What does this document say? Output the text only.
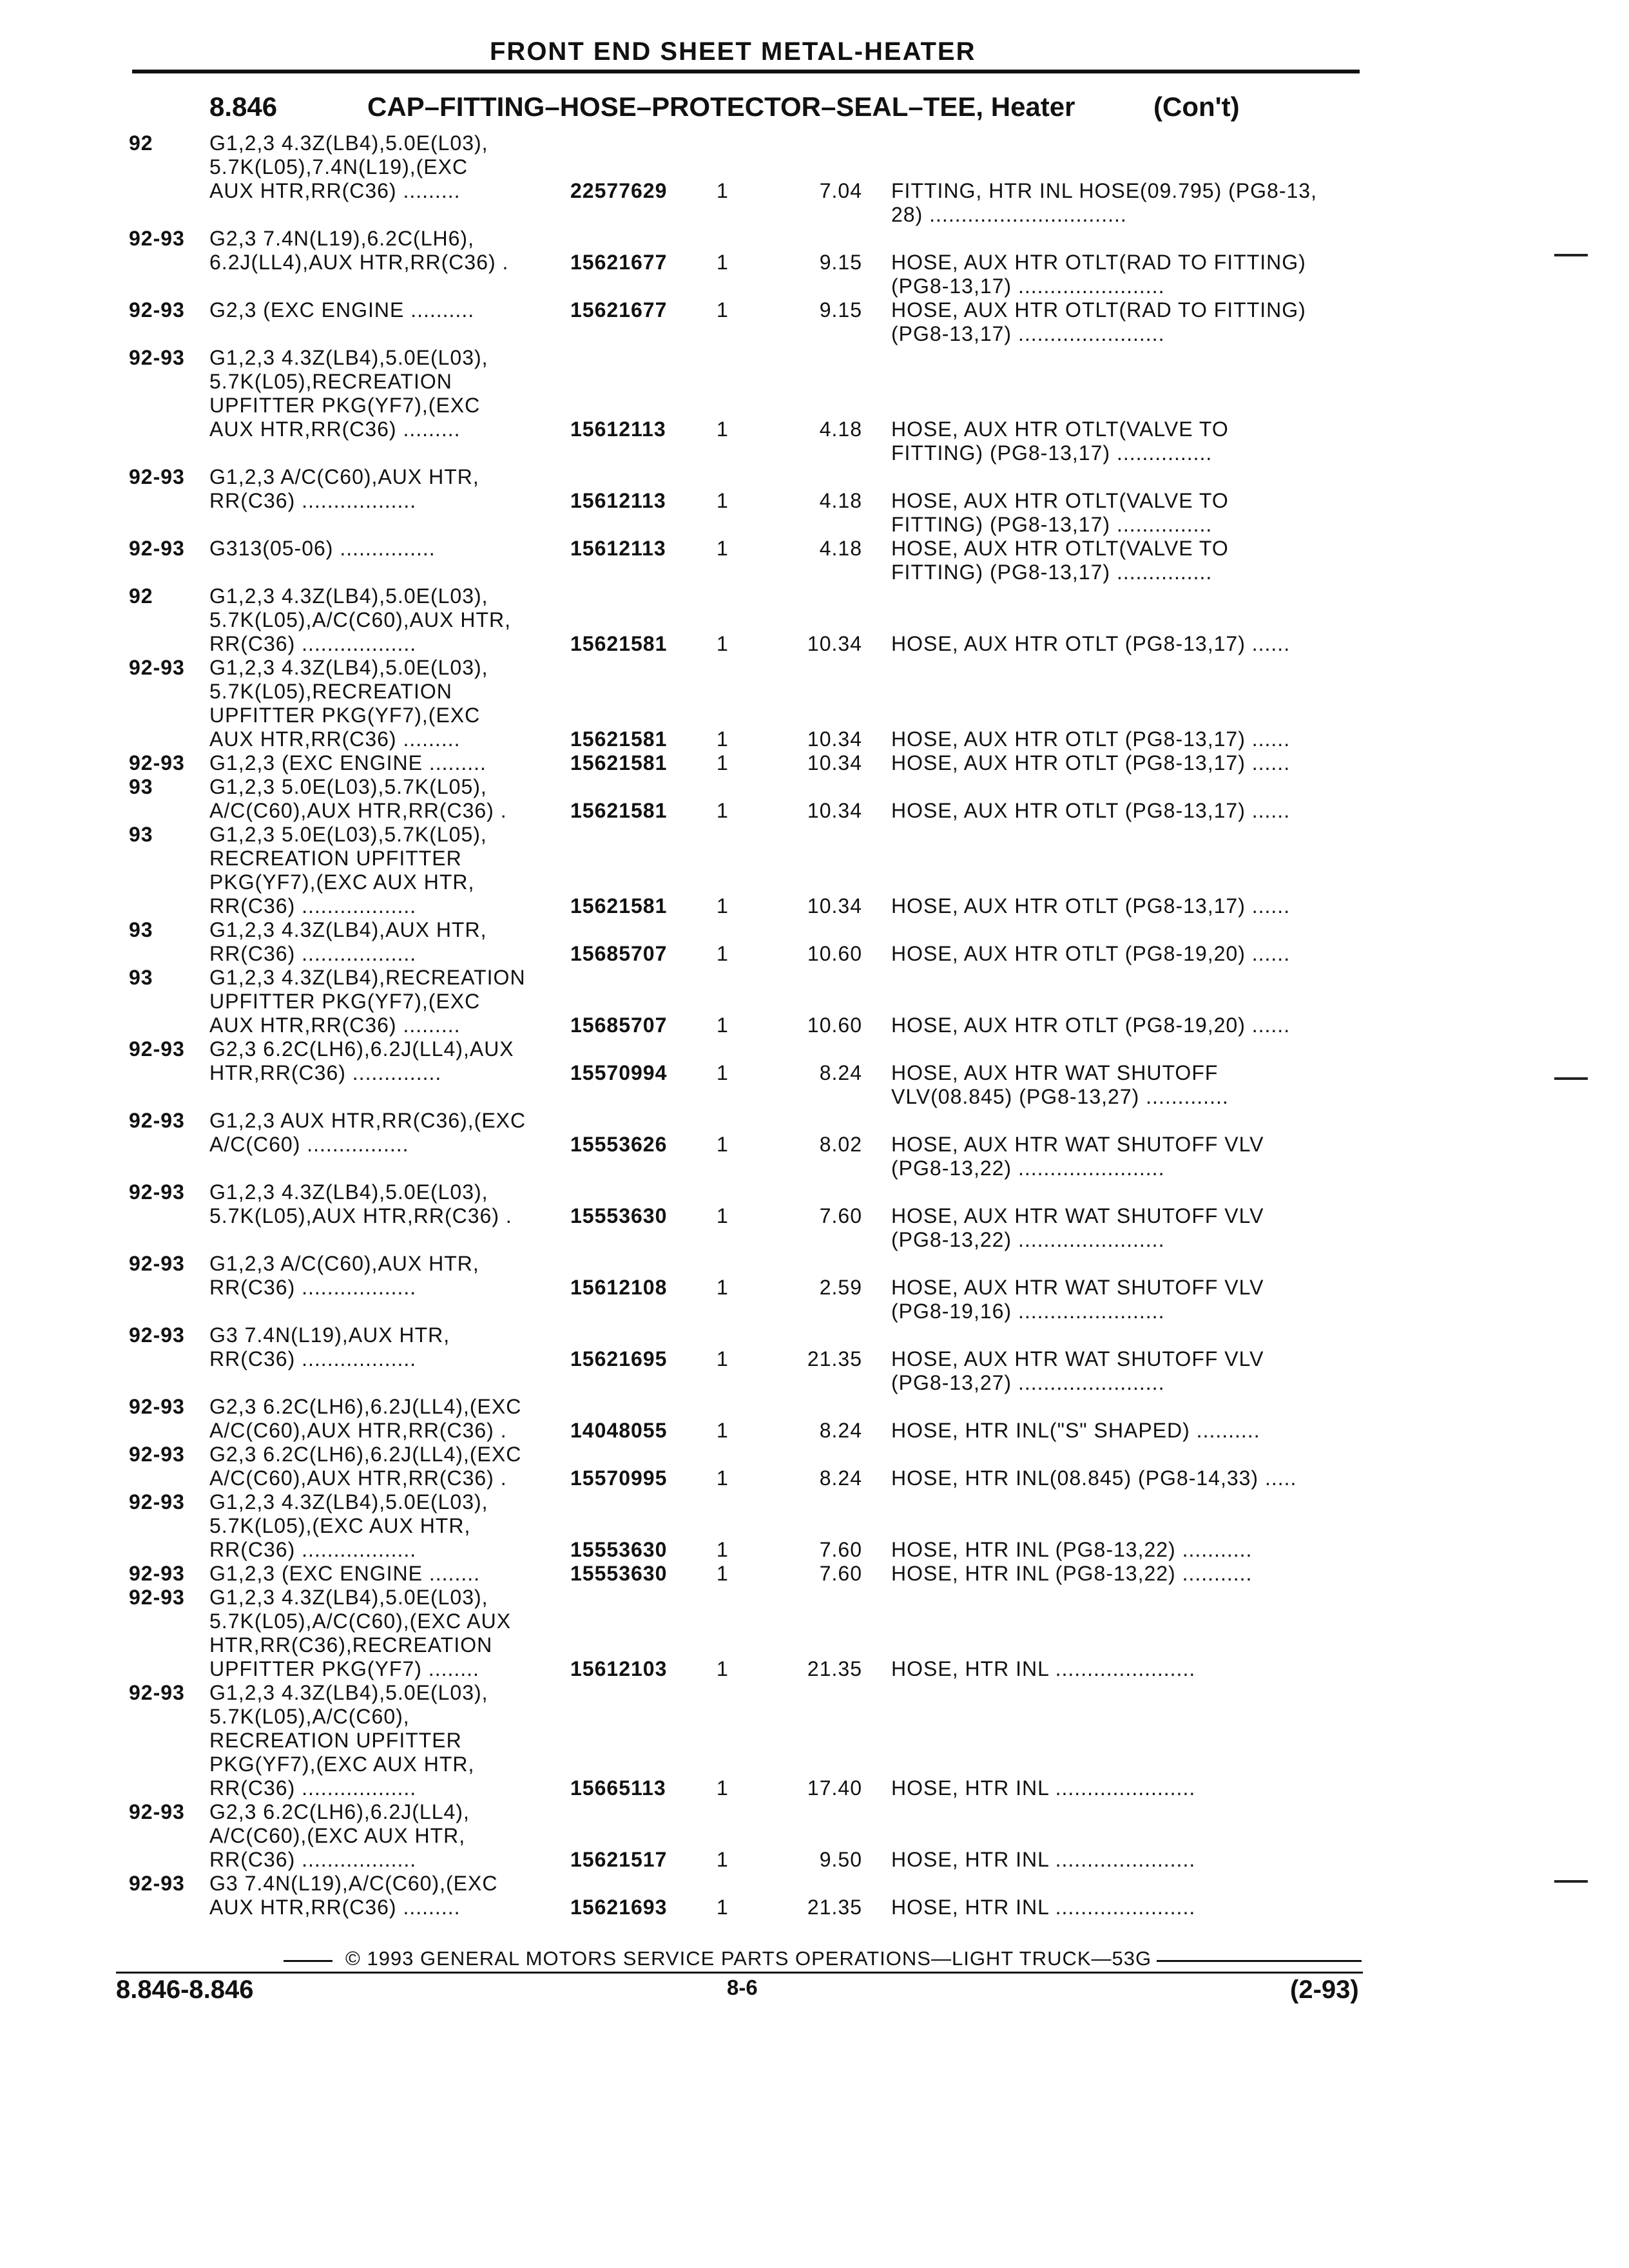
FRONT END SHEET METAL-HEATER
8.846	CAP–FITTING–HOSE–PROTECTOR–SEAL–TEE, Heater	(Con't)
92	G1,2,3 4.3Z(LB4),5.0E(L03),
5.7K(L05),7.4N(L19),(EXC
AUX HTR,RR(C36) .........	22577629 1	7.04 FITTING, HTR INL HOSE(09.795) (PG8-13,
28) ...............................
92-93 G2,3 7.4N(L19),6.2C(LH6),
6.2J(LL4),AUX HTR,RR(C36) .	15621677 1	9.15 HOSE, AUX HTR OTLT(RAD TO FITTING)
(PG8-13,17) .......................
92-93 G2,3 (EXC ENGINE ..........	15621677 1	9.15 HOSE, AUX HTR OTLT(RAD TO FITTING)
(PG8-13,17) .......................
92-93 G1,2,3 4.3Z(LB4),5.0E(L03),
5.7K(L05),RECREATION
UPFITTER PKG(YF7),(EXC
AUX HTR,RR(C36) .........	15612113 1	4.18 HOSE, AUX HTR OTLT(VALVE TO
FITTING) (PG8-13,17) ...............
92-93 G1,2,3 A/C(C60),AUX HTR,
RR(C36) ..................	15612113 1	4.18 HOSE, AUX HTR OTLT(VALVE TO
FITTING) (PG8-13,17) ...............
92-93 G313(05-06) ...............	15612113 1	4.18 HOSE, AUX HTR OTLT(VALVE TO
FITTING) (PG8-13,17) ...............
92	G1,2,3 4.3Z(LB4),5.0E(L03),
5.7K(L05),A/C(C60),AUX HTR,
RR(C36) ..................	15621581 1	10.34 HOSE, AUX HTR OTLT (PG8-13,17) ......
92-93 G1,2,3 4.3Z(LB4),5.0E(L03),
5.7K(L05),RECREATION
UPFITTER PKG(YF7),(EXC
AUX HTR,RR(C36) .........	15621581 1	10.34 HOSE, AUX HTR OTLT (PG8-13,17) ......
92-93 G1,2,3 (EXC ENGINE .........	15621581 1	10.34 HOSE, AUX HTR OTLT (PG8-13,17) ......
93	G1,2,3 5.0E(L03),5.7K(L05),
A/C(C60),AUX HTR,RR(C36) .	15621581 1	10.34 HOSE, AUX HTR OTLT (PG8-13,17) ......
93	G1,2,3 5.0E(L03),5.7K(L05),
RECREATION UPFITTER
PKG(YF7),(EXC AUX HTR,
RR(C36) ..................	15621581 1	10.34 HOSE, AUX HTR OTLT (PG8-13,17) ......
93	G1,2,3 4.3Z(LB4),AUX HTR,
RR(C36) ..................	15685707 1	10.60 HOSE, AUX HTR OTLT (PG8-19,20) ......
93	G1,2,3 4.3Z(LB4),RECREATION
UPFITTER PKG(YF7),(EXC
AUX HTR,RR(C36) .........	15685707 1	10.60 HOSE, AUX HTR OTLT (PG8-19,20) ......
92-93 G2,3 6.2C(LH6),6.2J(LL4),AUX
HTR,RR(C36) ..............	15570994 1	8.24 HOSE, AUX HTR WAT SHUTOFF
VLV(08.845) (PG8-13,27) .............
92-93 G1,2,3 AUX HTR,RR(C36),(EXC
A/C(C60) ................	15553626 1	8.02 HOSE, AUX HTR WAT SHUTOFF VLV
(PG8-13,22) .......................
92-93 G1,2,3 4.3Z(LB4),5.0E(L03),
5.7K(L05),AUX HTR,RR(C36) .	15553630 1	7.60 HOSE, AUX HTR WAT SHUTOFF VLV
(PG8-13,22) .......................
92-93 G1,2,3 A/C(C60),AUX HTR,
RR(C36) ..................	15612108 1	2.59 HOSE, AUX HTR WAT SHUTOFF VLV
(PG8-19,16) .......................
92-93 G3 7.4N(L19),AUX HTR,
RR(C36) ..................	15621695 1	21.35 HOSE, AUX HTR WAT SHUTOFF VLV
(PG8-13,27) .......................
92-93 G2,3 6.2C(LH6),6.2J(LL4),(EXC
A/C(C60),AUX HTR,RR(C36) .	14048055 1	8.24 HOSE, HTR INL("S" SHAPED) ..........
92-93 G2,3 6.2C(LH6),6.2J(LL4),(EXC
A/C(C60),AUX HTR,RR(C36) .	15570995 1	8.24 HOSE, HTR INL(08.845) (PG8-14,33) .....
92-93 G1,2,3 4.3Z(LB4),5.0E(L03),
5.7K(L05),(EXC AUX HTR,
RR(C36) ..................	15553630 1	7.60 HOSE, HTR INL (PG8-13,22) ...........
92-93 G1,2,3 (EXC ENGINE ........	15553630 1	7.60 HOSE, HTR INL (PG8-13,22) ...........
92-93 G1,2,3 4.3Z(LB4),5.0E(L03),
5.7K(L05),A/C(C60),(EXC AUX
HTR,RR(C36),RECREATION
UPFITTER PKG(YF7) ........	15612103 1	21.35 HOSE, HTR INL ......................
92-93 G1,2,3 4.3Z(LB4),5.0E(L03),
5.7K(L05),A/C(C60),
RECREATION UPFITTER
PKG(YF7),(EXC AUX HTR,
RR(C36) ..................	15665113 1	17.40 HOSE, HTR INL ......................
92-93 G2,3 6.2C(LH6),6.2J(LL4),
A/C(C60),(EXC AUX HTR,
RR(C36) ..................	15621517 1	9.50 HOSE, HTR INL ......................
92-93 G3 7.4N(L19),A/C(C60),(EXC
AUX HTR,RR(C36) .........	15621693 1	21.35 HOSE, HTR INL ......................
© 1993 GENERAL MOTORS SERVICE PARTS OPERATIONS—LIGHT TRUCK—53G
8.846-8.846	8-6	(2-93)
